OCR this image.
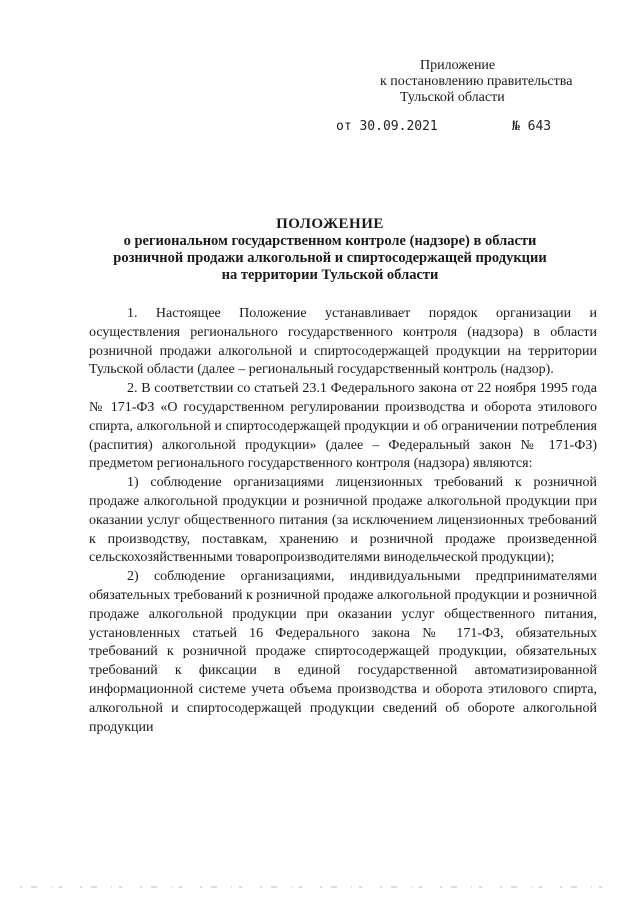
Приложение
к постановлению правительства
Тульской области
от 30.09.2021	№ 643
ПОЛОЖЕНИЕ
о региональном государственном контроле (надзоре) в области
розничной продажи алкогольной и спиртосодержащей продукции
на территории Тульской области

1. Настоящее Положение устанавливает порядок организации и осуществления регионального государственного контроля (надзора) в области розничной продажи алкогольной и спиртосодержащей продукции на территории Тульской области (далее – региональный государственный контроль (надзор).

2. В соответствии со статьей 23.1 Федерального закона от 22 ноября 1995 года № 171-ФЗ «О государственном регулировании производства и оборота этилового спирта, алкогольной и спиртосодержащей продукции и об ограничении потребления (распития) алкогольной продукции» (далее – Федеральный закон № 171-ФЗ) предметом регионального государственного контроля (надзора) являются:

1) соблюдение организациями лицензионных требований к розничной продаже алкогольной продукции и розничной продаже алкогольной продукции при оказании услуг общественного питания (за исключением лицензионных требований к производству, поставкам, хранению и розничной продаже произведенной сельскохозяйственными товаропроизводителями винодельческой продукции);

2) соблюдение организациями, индивидуальными предпринимателями обязательных требований к розничной продаже алкогольной продукции и розничной продаже алкогольной продукции при оказании услуг общественного питания, установленных статьей 16 Федерального закона № 171-ФЗ, обязательных требований к розничной продаже спиртосодержащей продукции, обязательных требований к фиксации в единой государственной автоматизированной информационной системе учета объема производства и оборота этилового спирта, алкогольной и спиртосодержащей продукции сведений об обороте алкогольной продукции
